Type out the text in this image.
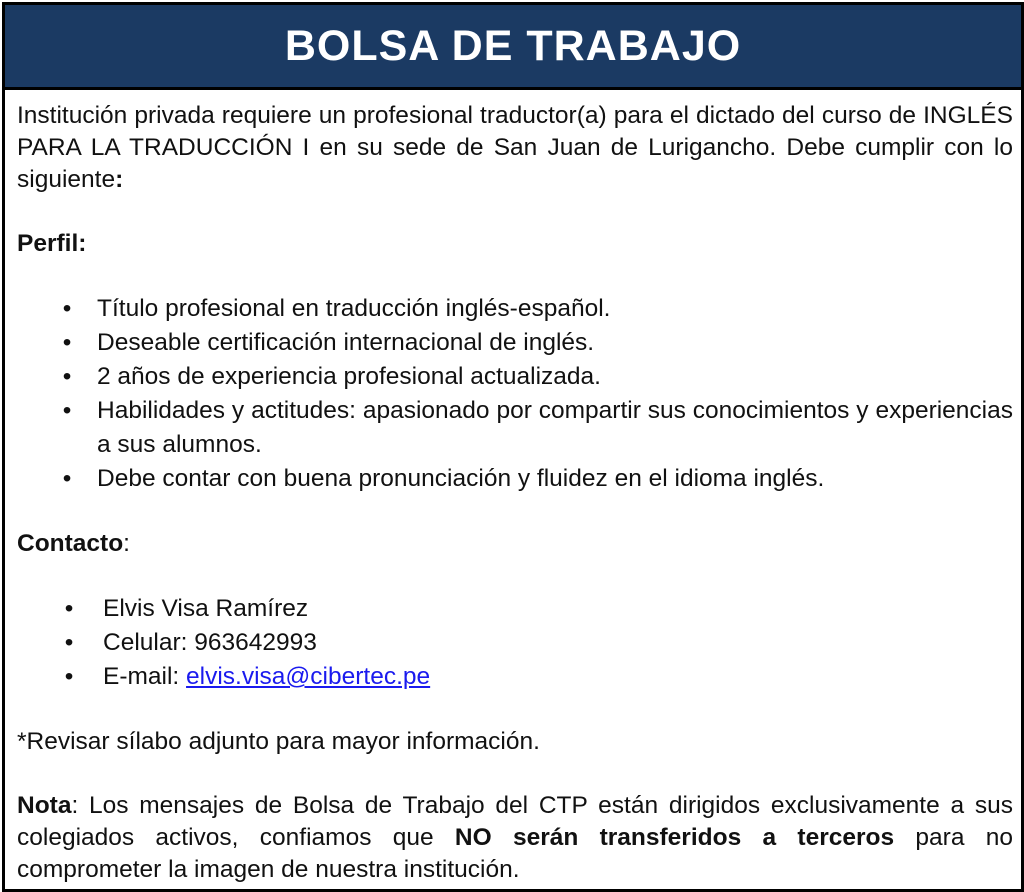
BOLSA DE TRABAJO

Institución privada requiere un profesional traductor(a) para el dictado del curso de INGLÉS PARA LA TRADUCCIÓN I en su sede de San Juan de Lurigancho. Debe cumplir con lo siguiente:

Perfil:

• Título profesional en traducción inglés-español.
• Deseable certificación internacional de inglés.
• 2 años de experiencia profesional actualizada.
• Habilidades y actitudes: apasionado por compartir sus conocimientos y experiencias a sus alumnos.
• Debe contar con buena pronunciación y fluidez en el idioma inglés.

Contacto:

• Elvis Visa Ramírez
• Celular: 963642993
• E-mail: elvis.visa@cibertec.pe

*Revisar sílabo adjunto para mayor información.

Nota: Los mensajes de Bolsa de Trabajo del CTP están dirigidos exclusivamente a sus colegiados activos, confiamos que NO serán transferidos a terceros para no comprometer la imagen de nuestra institución.
